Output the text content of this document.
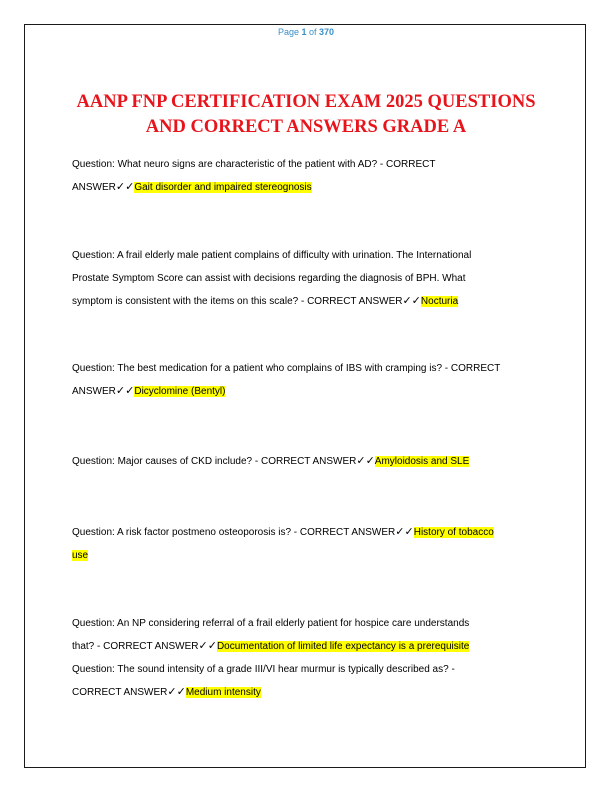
Page 1 of 370
AANP FNP CERTIFICATION EXAM 2025 QUESTIONS
AND CORRECT ANSWERS GRADE A
Question: What neuro signs are characteristic of the patient with AD? - CORRECT
ANSWER✓✓Gait disorder and impaired stereognosis
Question: A frail elderly male patient complains of difficulty with urination. The International
Prostate Symptom Score can assist with decisions regarding the diagnosis of BPH. What
symptom is consistent with the items on this scale? - CORRECT ANSWER✓✓Nocturia
Question: The best medication for a patient who complains of IBS with cramping is? - CORRECT
ANSWER✓✓Dicyclomine (Bentyl)
Question: Major causes of CKD include? - CORRECT ANSWER✓✓Amyloidosis and SLE
Question: A risk factor postmeno osteoporosis is? - CORRECT ANSWER✓✓History of tobacco
use
Question: An NP considering referral of a frail elderly patient for hospice care understands
that? - CORRECT ANSWER✓✓Documentation of limited life expectancy is a prerequisite
Question: The sound intensity of a grade III/VI hear murmur is typically described as? -
CORRECT ANSWER✓✓Medium intensity
